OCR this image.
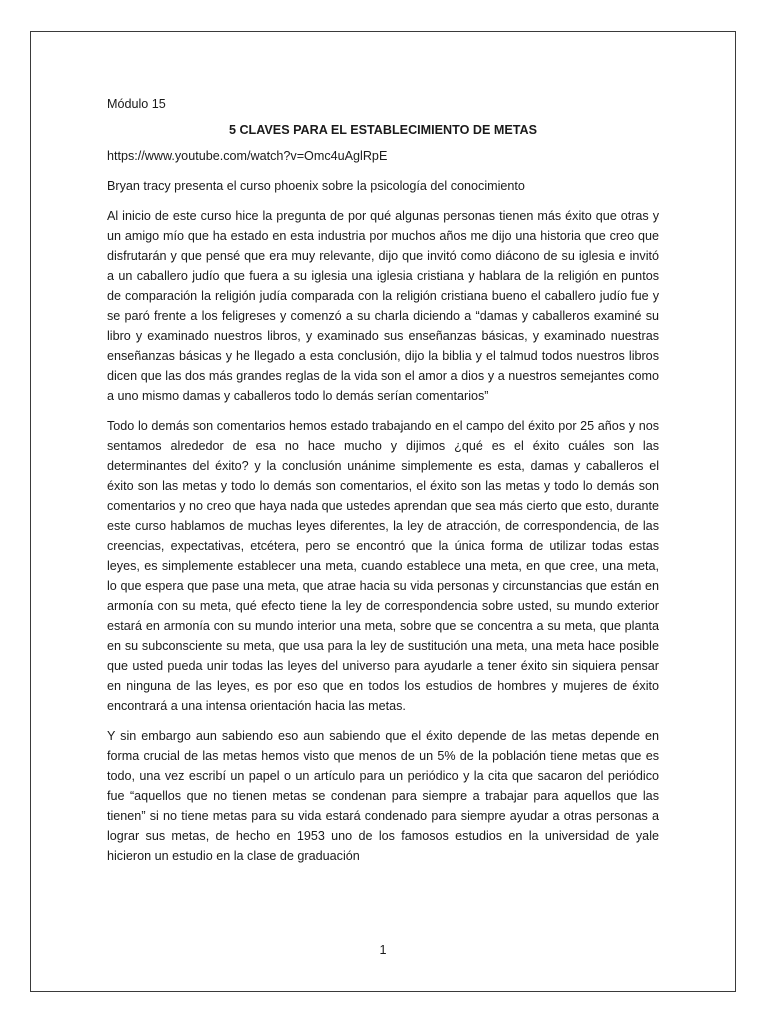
Módulo 15

5 CLAVES PARA EL ESTABLECIMIENTO DE METAS

https://www.youtube.com/watch?v=Omc4uAglRpE

Bryan tracy presenta el curso phoenix sobre la psicología del conocimiento

Al inicio de este curso hice la pregunta de por qué algunas personas tienen más éxito que otras y un amigo mío que ha estado en esta industria por muchos años me dijo una historia que creo que disfrutarán y que pensé que era muy relevante, dijo que invitó como diácono de su iglesia e invitó a un caballero judío que fuera a su iglesia una iglesia cristiana y hablara de la religión en puntos de comparación la religión judía comparada con la religión cristiana bueno el caballero judío fue y se paró frente a los feligreses y comenzó a su charla diciendo a “damas y caballeros examiné su libro y examinado nuestros libros, y examinado sus enseñanzas básicas, y examinado nuestras enseñanzas básicas y he llegado a esta conclusión, dijo la biblia y el talmud todos nuestros libros dicen que las dos más grandes reglas de la vida son el amor a dios y a nuestros semejantes como a uno mismo damas y caballeros todo lo demás serían comentarios”

Todo lo demás son comentarios hemos estado trabajando en el campo del éxito por 25 años y nos sentamos alrededor de esa no hace mucho y dijimos ¿qué es el éxito cuáles son las determinantes del éxito? y la conclusión unánime simplemente es esta, damas y caballeros el éxito son las metas y todo lo demás son comentarios, el éxito son las metas y todo lo demás son comentarios y no creo que haya nada que ustedes aprendan que sea más cierto que esto, durante este curso hablamos de muchas leyes diferentes, la ley de atracción, de correspondencia, de las creencias, expectativas, etcétera, pero se encontró que la única forma de utilizar todas estas leyes, es simplemente establecer una meta, cuando establece una meta, en que cree, una meta, lo que espera que pase una meta, que atrae hacia su vida personas y circunstancias que están en armonía con su meta, qué efecto tiene la ley de correspondencia sobre usted, su mundo exterior estará en armonía con su mundo interior una meta, sobre que se concentra a su meta, que planta en su subconsciente su meta, que usa para la ley de sustitución una meta, una meta hace posible que usted pueda unir todas las leyes del universo para ayudarle a tener éxito sin siquiera pensar en ninguna de las leyes, es por eso que en todos los estudios de hombres y mujeres de éxito encontrará a una intensa orientación hacia las metas.

Y sin embargo aun sabiendo eso aun sabiendo que el éxito depende de las metas depende en forma crucial de las metas hemos visto que menos de un 5% de la población tiene metas que es todo, una vez escribí un papel o un artículo para un periódico y la cita que sacaron del periódico fue “aquellos que no tienen metas se condenan para siempre a trabajar para aquellos que las tienen” si no tiene metas para su vida estará condenado para siempre ayudar a otras personas a lograr sus metas, de hecho en 1953 uno de los famosos estudios en la universidad de yale hicieron un estudio en la clase de graduación

1
